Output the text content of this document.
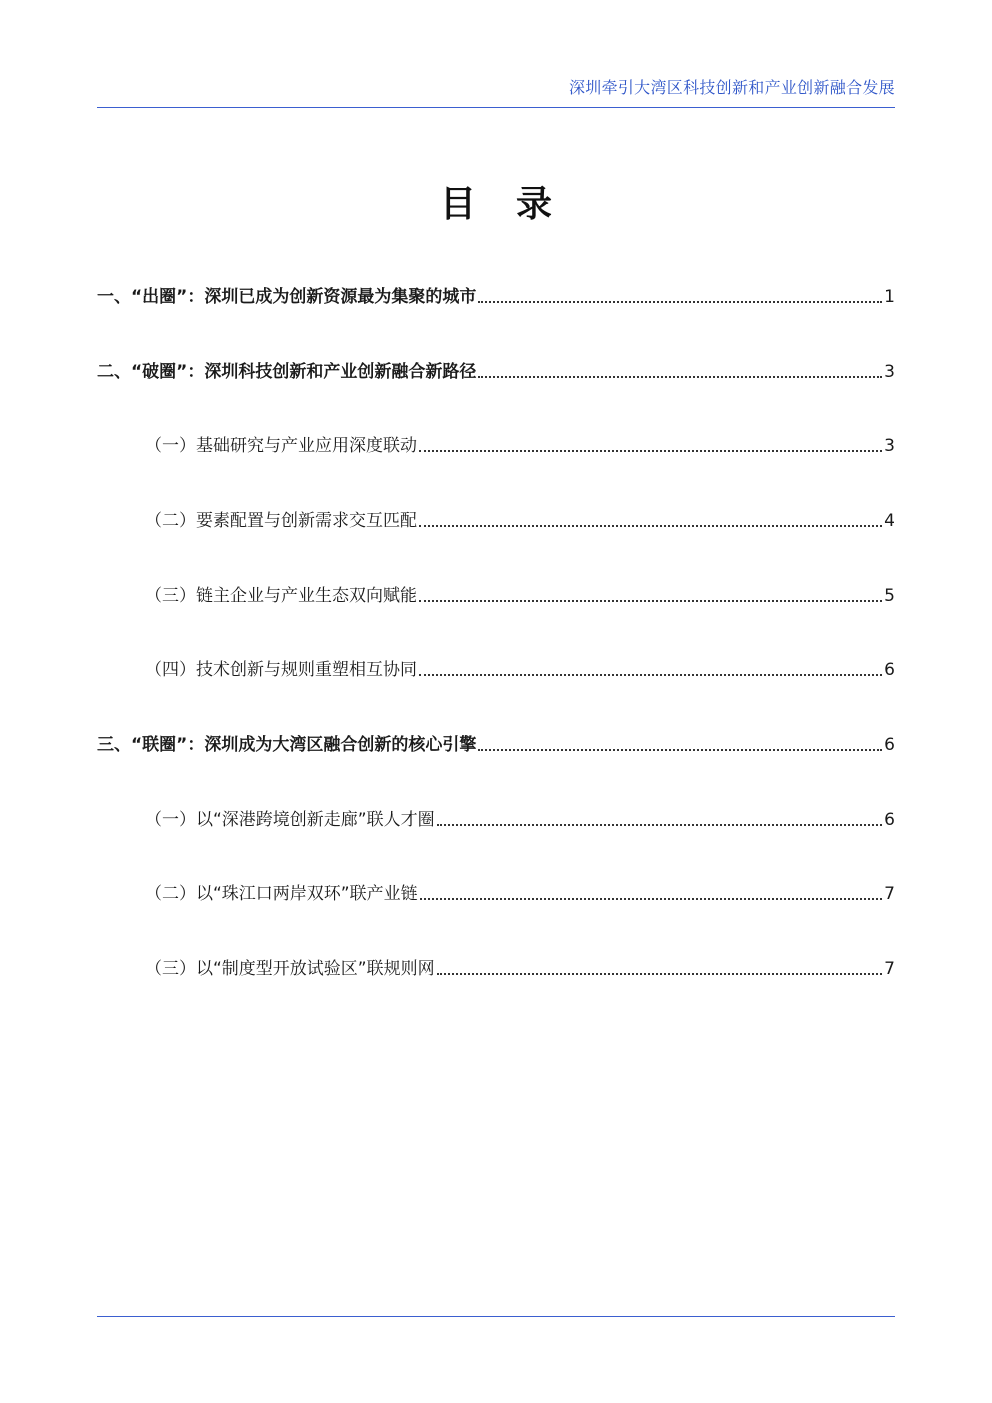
深圳牵引大湾区科技创新和产业创新融合发展
目录
一、“出圈”：深圳已成为创新资源最为集聚的城市	1
二、“破圈”：深圳科技创新和产业创新融合新路径	3
（一）基础研究与产业应用深度联动	3
（二）要素配置与创新需求交互匹配	4
（三）链主企业与产业生态双向赋能	5
（四）技术创新与规则重塑相互协同	6
三、“联圈”：深圳成为大湾区融合创新的核心引擎	6
（一）以“深港跨境创新走廊”联人才圈	6
（二）以“珠江口两岸双环”联产业链	7
（三）以“制度型开放试验区”联规则网	7
